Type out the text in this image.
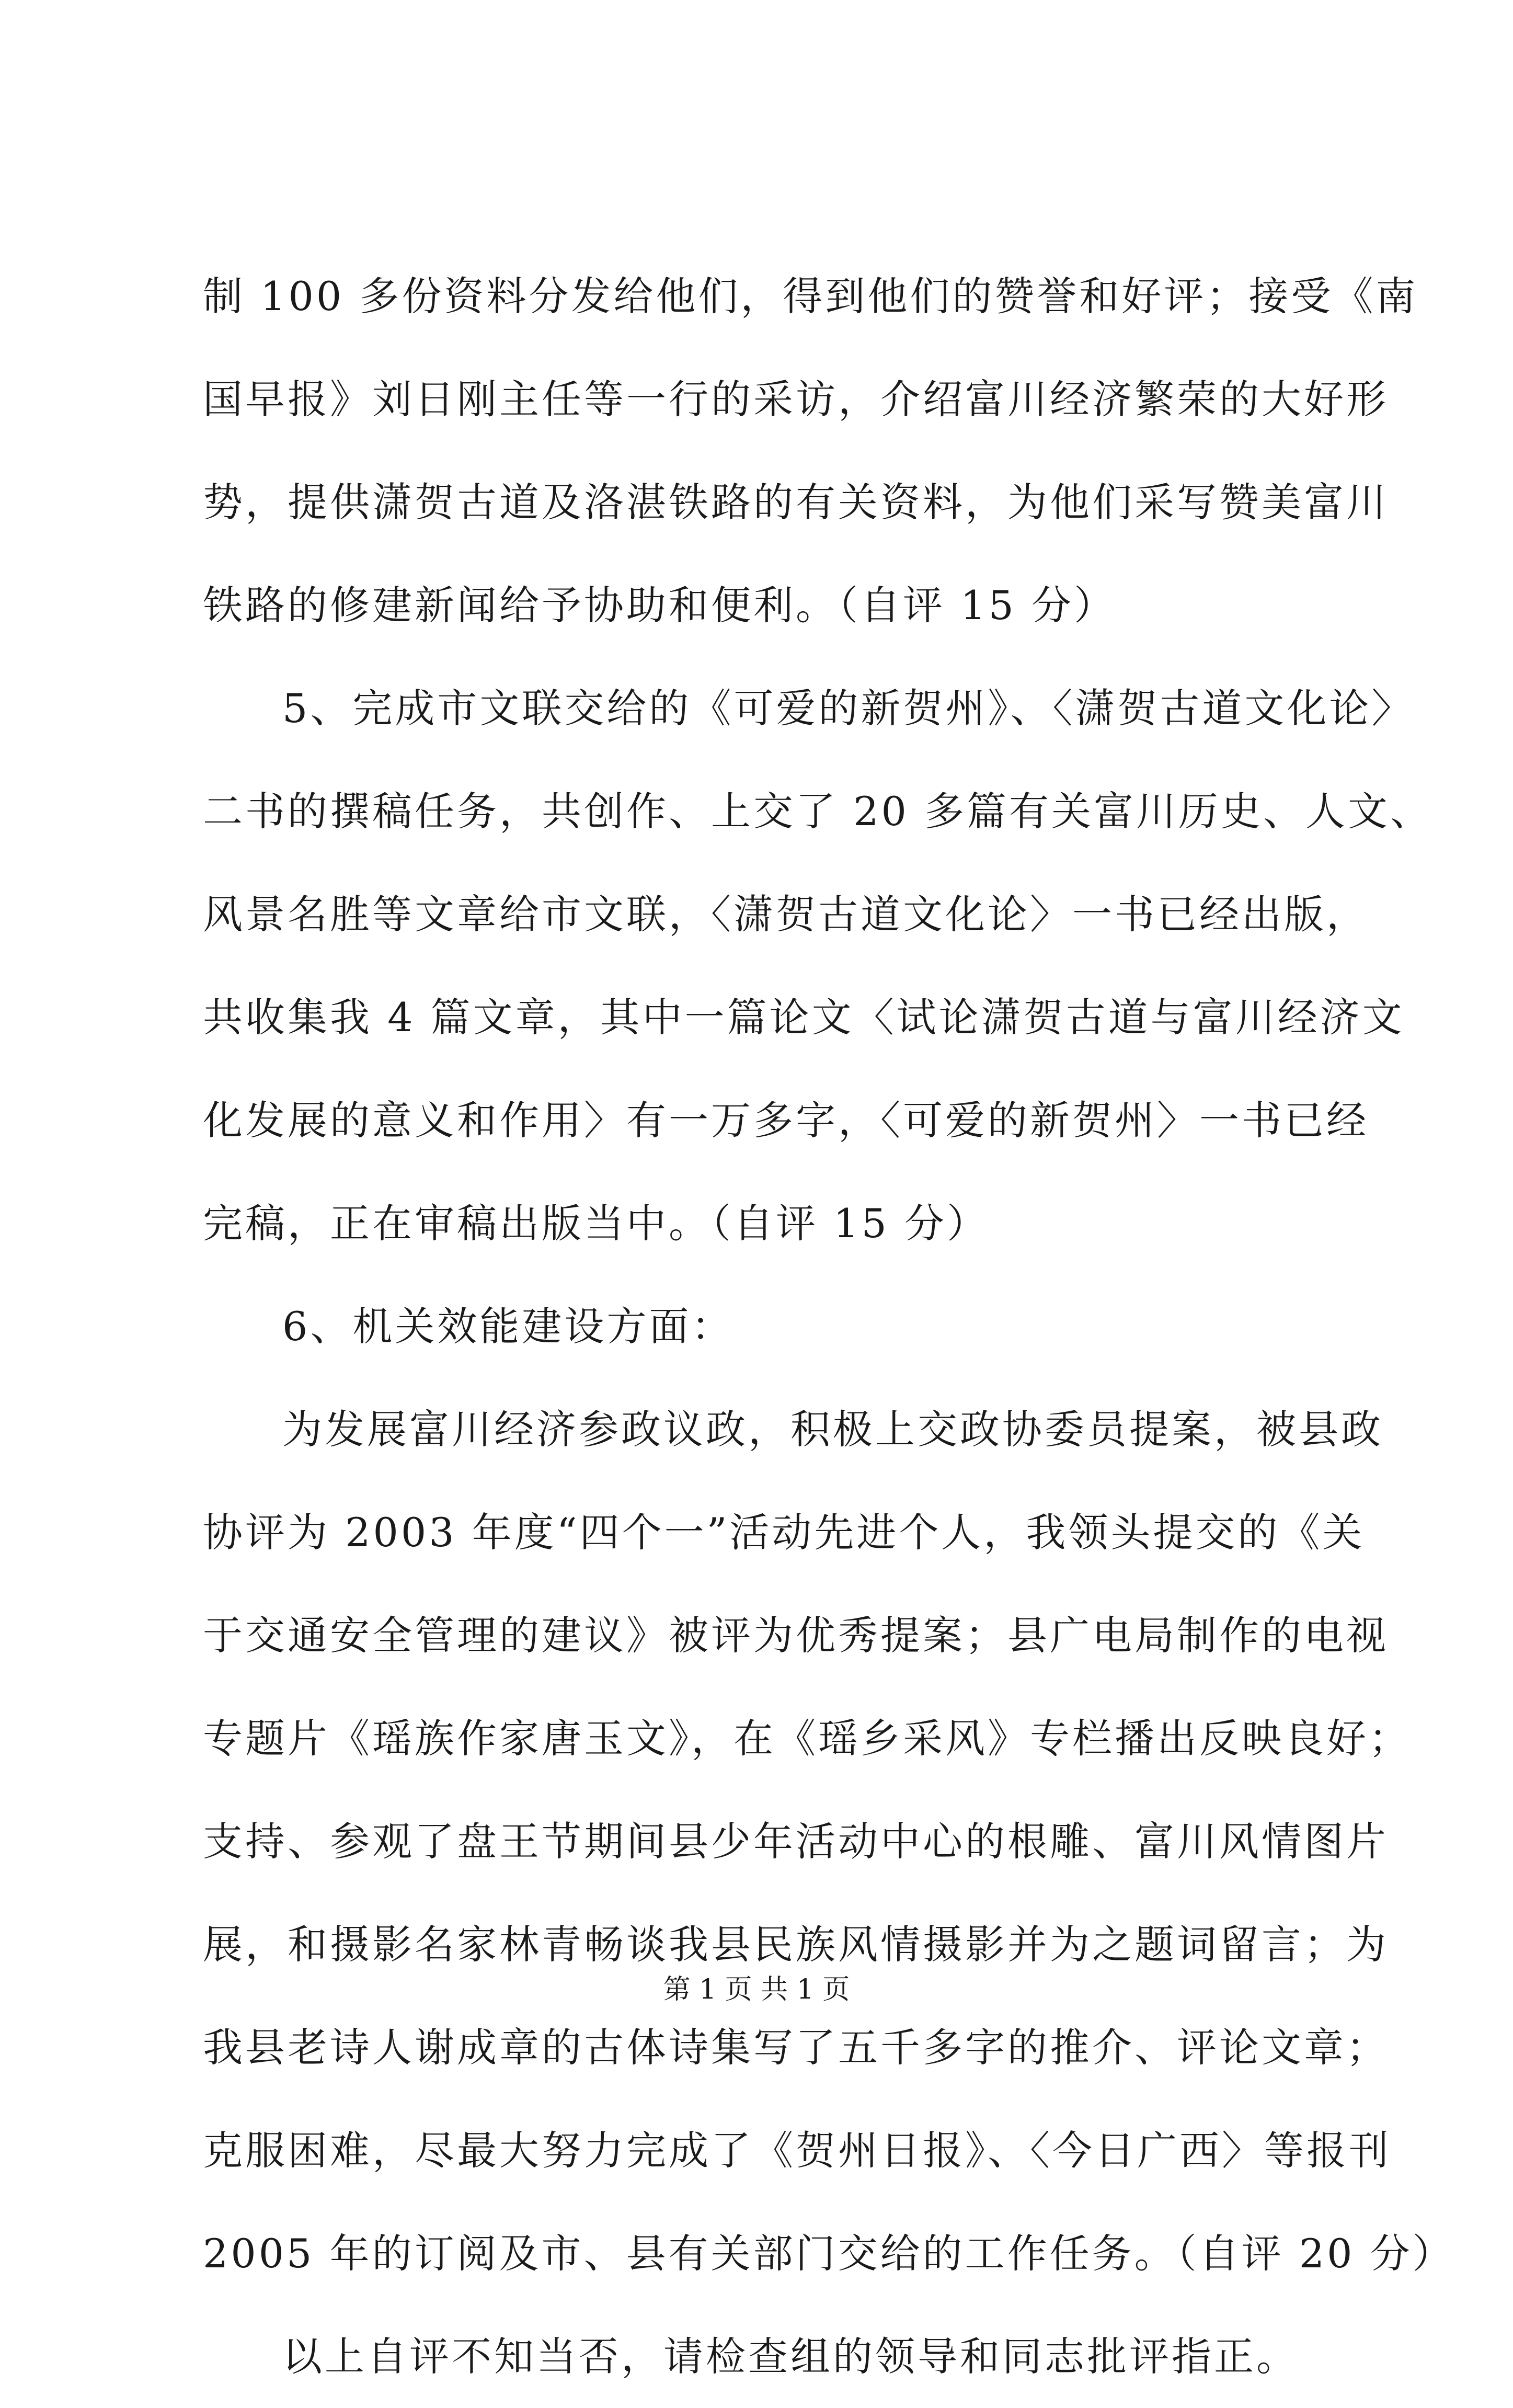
制 100 多份资料分发给他们，得到他们的赞誉和好评；接受《南
国早报》刘日刚主任等一行的采访，介绍富川经济繁荣的大好形
势，提供潇贺古道及洛湛铁路的有关资料，为他们采写赞美富川
铁路的修建新闻给予协助和便利。（自评 15 分）
5、完成市文联交给的《可爱的新贺州》、〈潇贺古道文化论〉
二书的撰稿任务，共创作、上交了 20 多篇有关富川历史、人文、
风景名胜等文章给市文联，〈潇贺古道文化论〉一书已经出版，
共收集我 4 篇文章，其中一篇论文〈试论潇贺古道与富川经济文
化发展的意义和作用〉有一万多字，〈可爱的新贺州〉一书已经
完稿，正在审稿出版当中。（自评 15 分）
6、机关效能建设方面：
为发展富川经济参政议政，积极上交政协委员提案，被县政
协评为 2003 年度“四个一”活动先进个人，我领头提交的《关
于交通安全管理的建议》被评为优秀提案；县广电局制作的电视
专题片《瑶族作家唐玉文》，在《瑶乡采风》专栏播出反映良好；
支持、参观了盘王节期间县少年活动中心的根雕、富川风情图片
展，和摄影名家林青畅谈我县民族风情摄影并为之题词留言；为
我县老诗人谢成章的古体诗集写了五千多字的推介、评论文章；
克服困难，尽最大努力完成了《贺州日报》、〈今日广西〉等报刊
2005 年的订阅及市、县有关部门交给的工作任务。（自评 20 分）
以上自评不知当否，请检查组的领导和同志批评指正。
第 1 页 共 1 页
